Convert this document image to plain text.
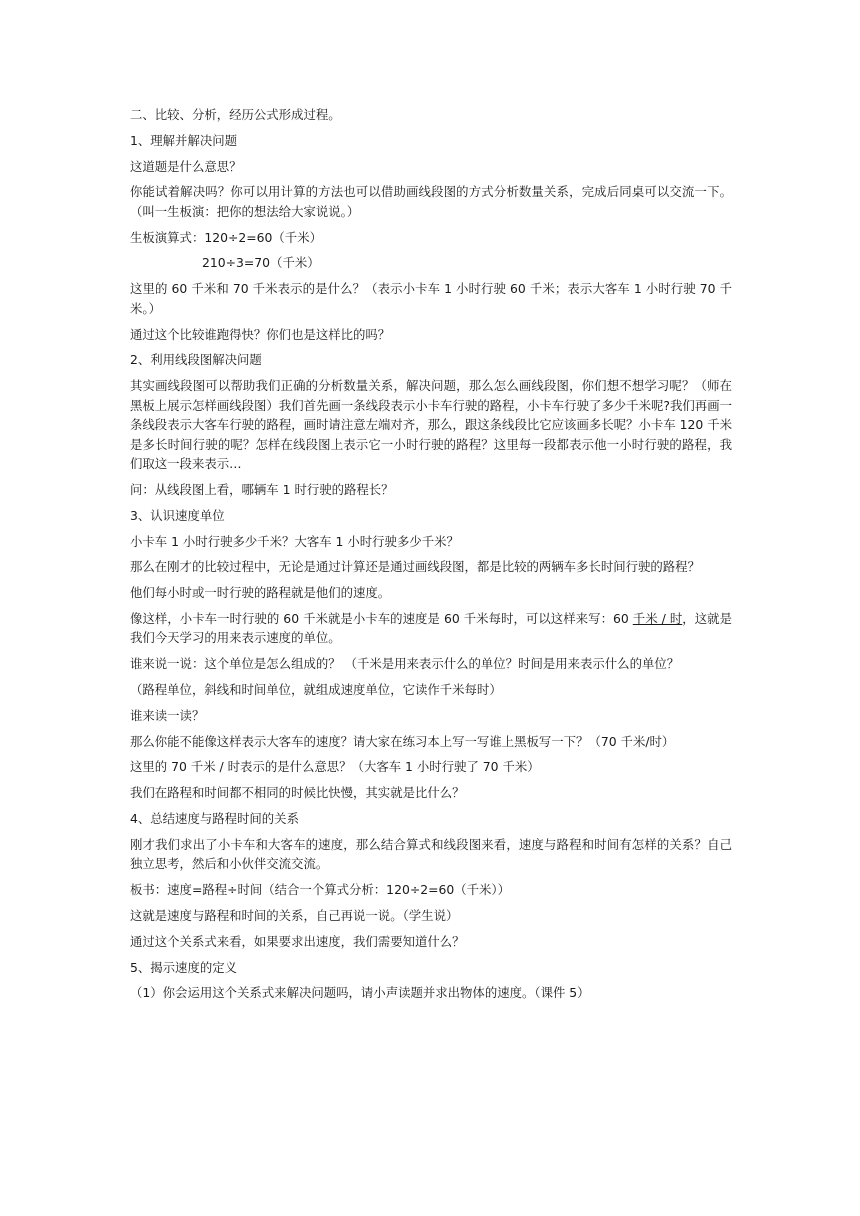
二、比较、分析，经历公式形成过程。

1、理解并解决问题

这道题是什么意思？

你能试着解决吗？你可以用计算的方法也可以借助画线段图的方式分析数量关系，完成后同桌可以交流一下。（叫一生板演：把你的想法给大家说说。）

生板演算式：120÷2=60（千米）

210÷3=70（千米）

这里的 60 千米和 70 千米表示的是什么？（表示小卡车 1 小时行驶 60 千米；表示大客车 1 小时行驶 70 千米。）

通过这个比较谁跑得快？你们也是这样比的吗？

2、利用线段图解决问题

其实画线段图可以帮助我们正确的分析数量关系，解决问题，那么怎么画线段图，你们想不想学习呢？（师在黑板上展示怎样画线段图）我们首先画一条线段表示小卡车行驶的路程，小卡车行驶了多少千米呢?我们再画一条线段表示大客车行驶的路程，画时请注意左端对齐，那么，跟这条线段比它应该画多长呢？小卡车 120 千米是多长时间行驶的呢？怎样在线段图上表示它一小时行驶的路程？这里每一段都表示他一小时行驶的路程，我们取这一段来表示…

问：从线段图上看，哪辆车 1 时行驶的路程长？

3、认识速度单位

小卡车 1 小时行驶多少千米？大客车 1 小时行驶多少千米？

那么在刚才的比较过程中，无论是通过计算还是通过画线段图，都是比较的两辆车多长时间行驶的路程？

他们每小时或一时行驶的路程就是他们的速度。

像这样，小卡车一时行驶的 60 千米就是小卡车的速度是 60 千米每时，可以这样来写：60 千米 / 时，这就是我们今天学习的用来表示速度的单位。

谁来说一说：这个单位是怎么组成的？ （千米是用来表示什么的单位？时间是用来表示什么的单位？

（路程单位，斜线和时间单位，就组成速度单位，它读作千米每时）

谁来读一读？

那么你能不能像这样表示大客车的速度？请大家在练习本上写一写谁上黑板写一下？（70 千米/时）

这里的 70 千米 / 时表示的是什么意思？（大客车 1 小时行驶了 70 千米）

我们在路程和时间都不相同的时候比快慢，其实就是比什么？

4、总结速度与路程时间的关系

刚才我们求出了小卡车和大客车的速度，那么结合算式和线段图来看，速度与路程和时间有怎样的关系？自己独立思考，然后和小伙伴交流交流。

板书：速度=路程÷时间（结合一个算式分析：120÷2=60（千米））

这就是速度与路程和时间的关系，自己再说一说。（学生说）

通过这个关系式来看，如果要求出速度，我们需要知道什么？

5、揭示速度的定义

（1）你会运用这个关系式来解决问题吗，请小声读题并求出物体的速度。（课件 5）
